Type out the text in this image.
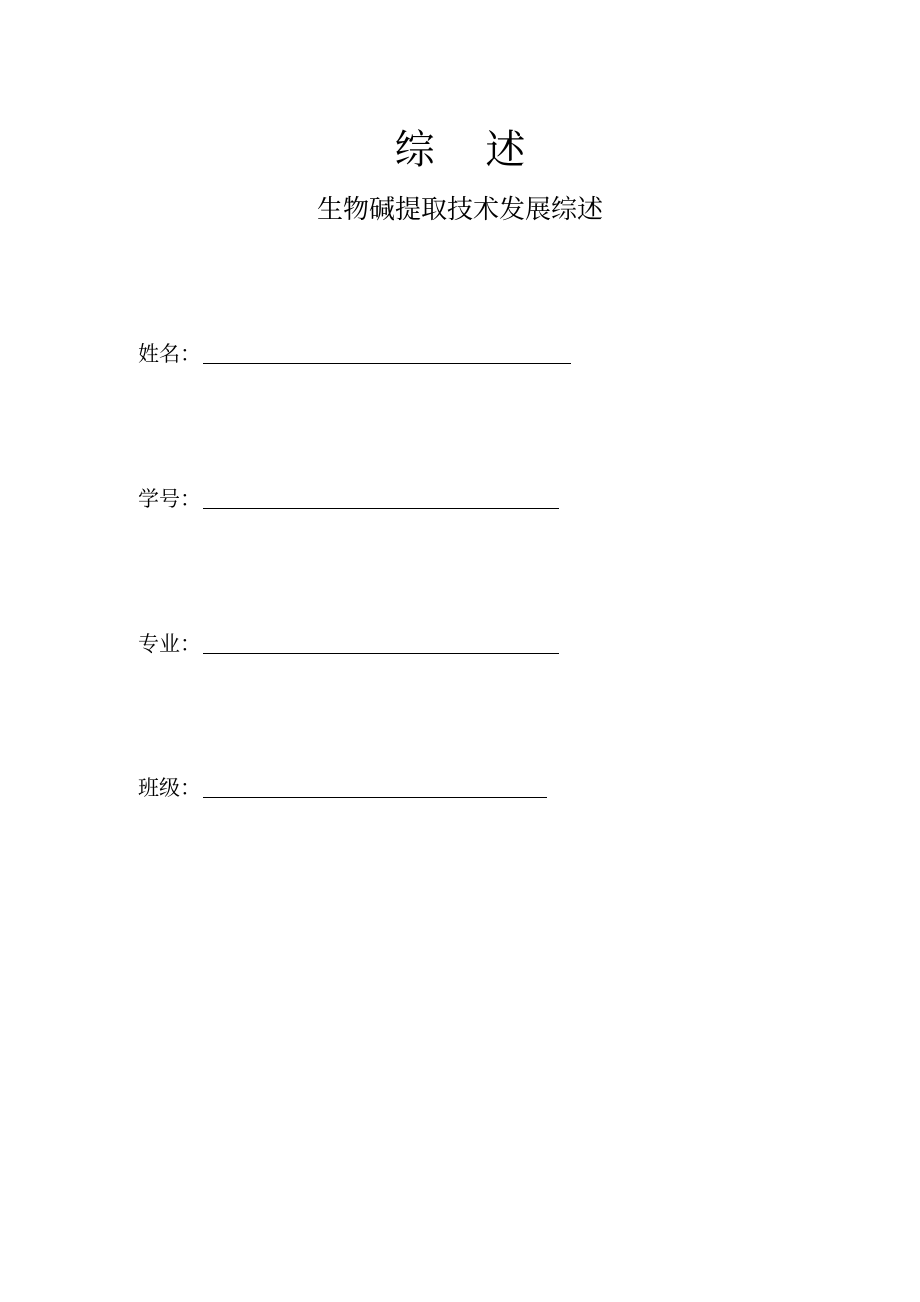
综    述
生物碱提取技术发展综述
姓名：
学号：
专业：
班级：
